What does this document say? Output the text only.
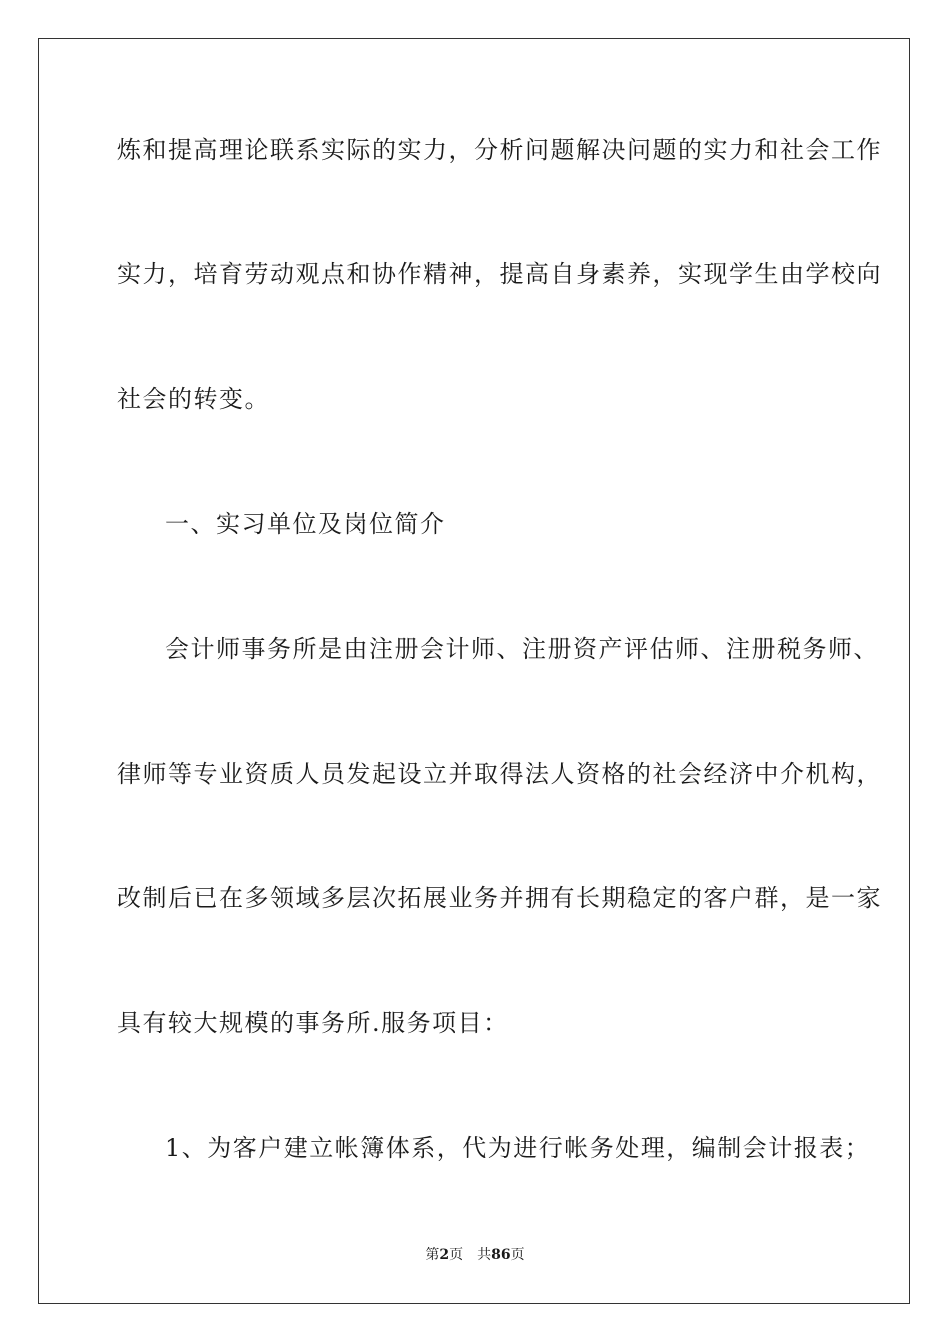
炼和提高理论联系实际的实力，分析问题解决问题的实力和社会工作
实力，培育劳动观点和协作精神，提高自身素养，实现学生由学校向
社会的转变。
一、实习单位及岗位简介
会计师事务所是由注册会计师、注册资产评估师、注册税务师、
律师等专业资质人员发起设立并取得法人资格的社会经济中介机构，
改制后已在多领域多层次拓展业务并拥有长期稳定的客户群，是一家
具有较大规模的事务所.服务项目：
1、为客户建立帐簿体系，代为进行帐务处理，编制会计报表；
第2页 共86页
